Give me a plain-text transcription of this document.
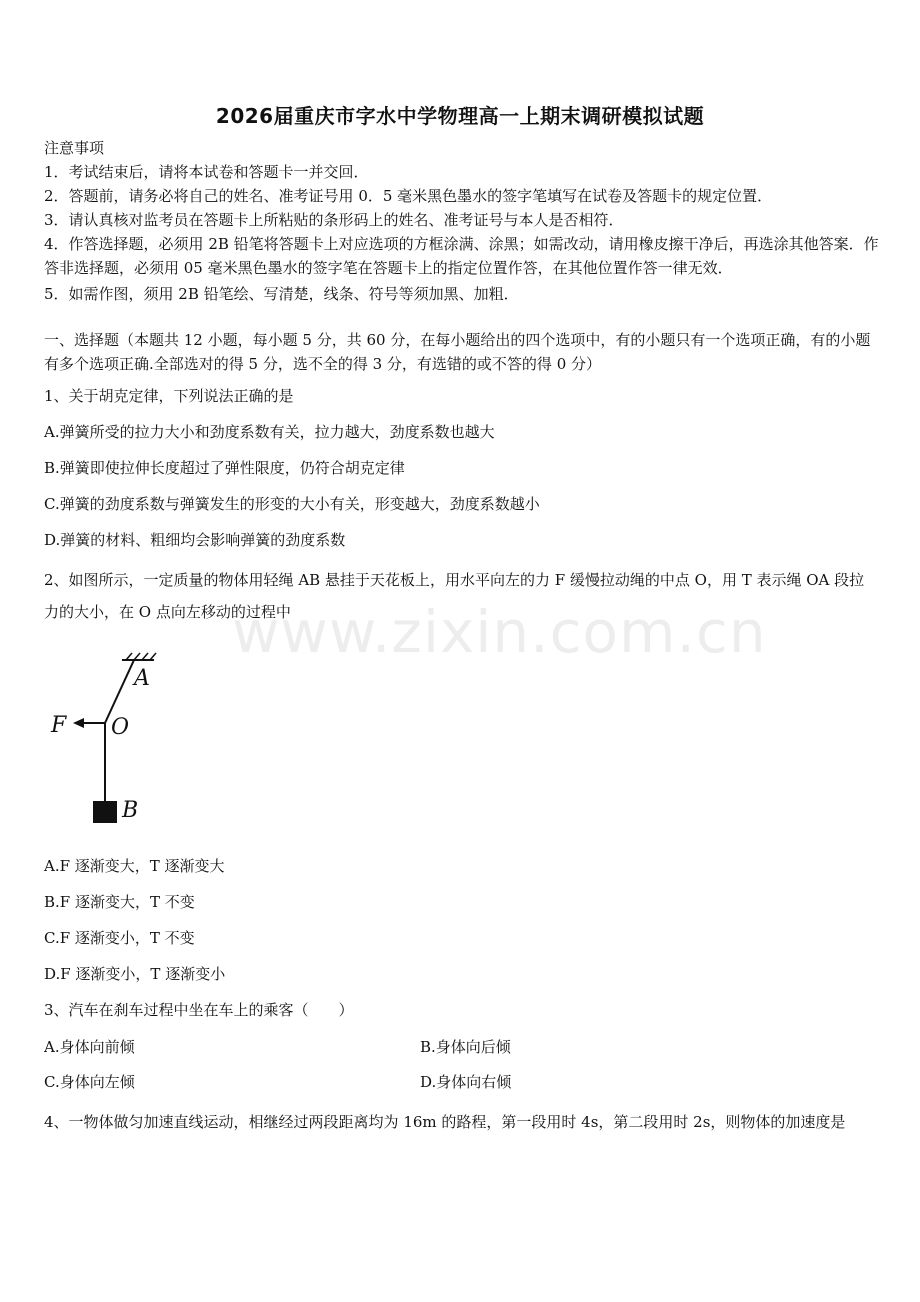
2026届重庆市字水中学物理高一上期末调研模拟试题
注意事项
1．考试结束后，请将本试卷和答题卡一并交回．
2．答题前，请务必将自己的姓名、准考证号用 0．5 毫米黑色墨水的签字笔填写在试卷及答题卡的规定位置．
3．请认真核对监考员在答题卡上所粘贴的条形码上的姓名、准考证号与本人是否相符．
4．作答选择题，必须用 2B 铅笔将答题卡上对应选项的方框涂满、涂黑；如需改动，请用橡皮擦干净后，再选涂其他答案．作答非选择题，必须用 05 毫米黑色墨水的签字笔在答题卡上的指定位置作答，在其他位置作答一律无效．
5．如需作图，须用 2B 铅笔绘、写清楚，线条、符号等须加黑、加粗．
一、选择题（本题共 12 小题，每小题 5 分，共 60 分，在每小题给出的四个选项中，有的小题只有一个选项正确，有的小题有多个选项正确.全部选对的得 5 分，选不全的得 3 分，有选错的或不答的得 0 分）
1、关于胡克定律，下列说法正确的是
A.弹簧所受的拉力大小和劲度系数有关，拉力越大，劲度系数也越大
B.弹簧即使拉伸长度超过了弹性限度，仍符合胡克定律
C.弹簧的劲度系数与弹簧发生的形变的大小有关，形变越大，劲度系数越小
D.弹簧的材料、粗细均会影响弹簧的劲度系数
2、如图所示，一定质量的物体用轻绳 AB 悬挂于天花板上，用水平向左的力 F 缓慢拉动绳的中点 O，用 T 表示绳 OA 段拉力的大小，在 O 点向左移动的过程中
www.zixin.com.cn
A
O
F
B
A.F 逐渐变大，T 逐渐变大
B.F 逐渐变大，T 不变
C.F 逐渐变小，T 不变
D.F 逐渐变小，T 逐渐变小
3、汽车在刹车过程中坐在车上的乘客（　　）
A.身体向前倾	B.身体向后倾
C.身体向左倾	D.身体向右倾
4、一物体做匀加速直线运动，相继经过两段距离均为 16m 的路程，第一段用时 4s，第二段用时 2s，则物体的加速度是
